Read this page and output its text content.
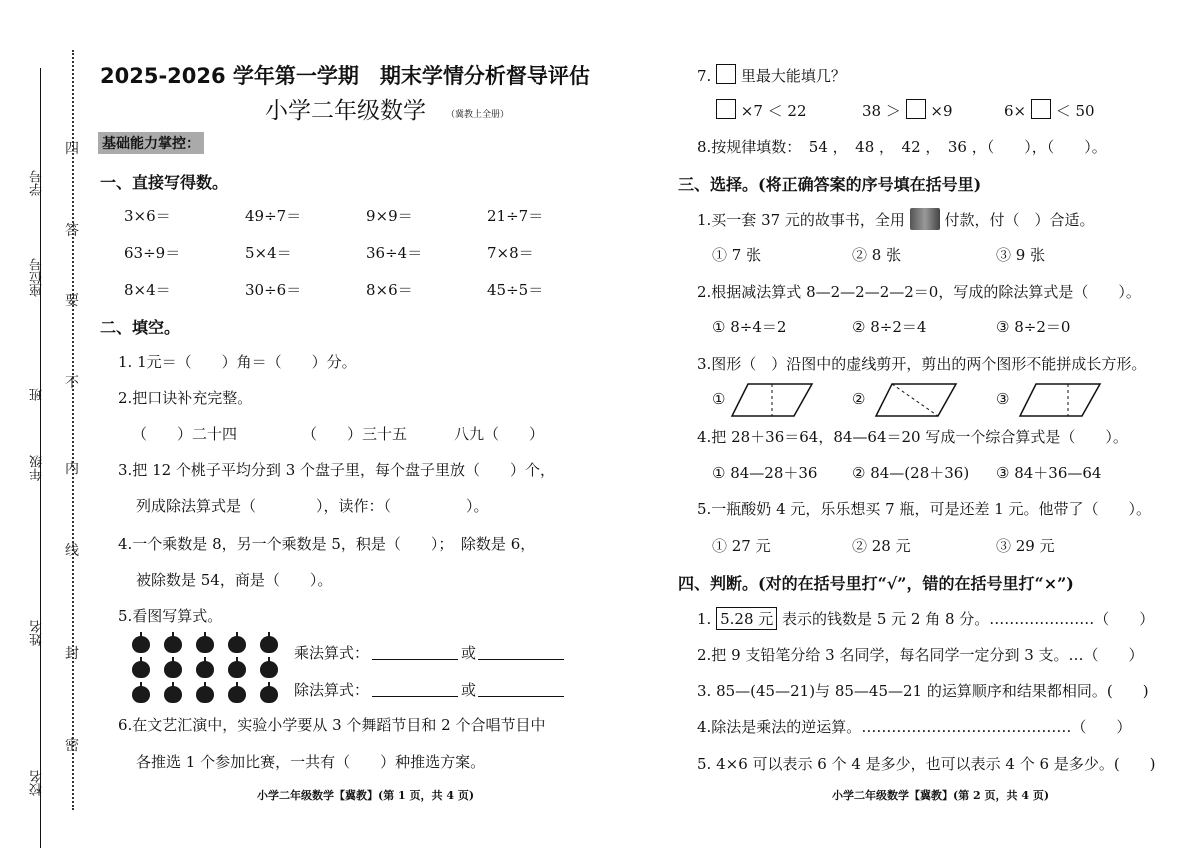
学号
座位号
班
年级
姓名
校名
四
答
要
不
内
线
封
密
2025-2026 学年第一学期　期末学情分析督导评估
小学二年级数学 （冀教上全册）
基础能力掌控：
一、直接写得数。
3×6＝	49÷7＝	9×9＝	21÷7＝
63÷9＝	5×4＝	36÷4＝	7×8＝
8×4＝	30÷6＝	8×6＝	45÷5＝
二、填空。
1. 1元＝（　　）角＝（　　）分。
2.把口诀补充完整。
（　　）二十四	（　　）三十五	八九（　　）
3.把 12 个桃子平均分到 3 个盘子里，每个盘子里放（　　）个，
列成除法算式是（　　　　），读作：（　　　　　）。
4.一个乘数是 8，另一个乘数是 5，积是（　　）；　除数是 6，
被除数是 54，商是（　　）。
5.看图写算式。
乘法算式：	或
除法算式：	或
6.在文艺汇演中，实验小学要从 3 个舞蹈节目和 2 个合唱节目中
各推选 1 个参加比赛，一共有（　　）种推选方案。
小学二年级数学【冀教】(第 1 页，共 4 页)
7. 里最大能填几？
×7 ＜ 22	38 ＞ ×9	6× ＜ 50
8.按规律填数：　54 ，　48 ，　42 ，　36 ，（　　），（　　）。
三、选择。(将正确答案的序号填在括号里)
1.买一套 37 元的故事书，全用	付款，付（　）合适。
① 7 张	② 8 张	③ 9 张
2.根据减法算式 8—2—2—2—2＝0，写成的除法算式是（　　）。
① 8÷4＝2	② 8÷2＝4	③ 8÷2＝0
3.图形（　）沿图中的虚线剪开，剪出的两个图形不能拼成长方形。
①	②	③
4.把 28＋36＝64，84—64＝20 写成一个综合算式是（　　）。
① 84—28＋36 ② 84—(28＋36) ③ 84＋36—64
5.一瓶酸奶 4 元，乐乐想买 7 瓶，可是还差 1 元。他带了（　　）。
① 27 元	② 28 元	③ 29 元
四、判断。(对的在括号里打“√”，错的在括号里打“×”)
1. 5.28 元 表示的钱数是 5 元 2 角 8 分。…………………（　　）
2.把 9 支铅笔分给 3 名同学，每名同学一定分到 3 支。…（　　）
3. 85—(45—21)与 85—45—21 的运算顺序和结果都相同。(　　)
4.除法是乘法的逆运算。……………………………………（　　）
5. 4×6 可以表示 6 个 4 是多少，也可以表示 4 个 6 是多少。(　　)
小学二年级数学【冀教】(第 2 页，共 4 页)
